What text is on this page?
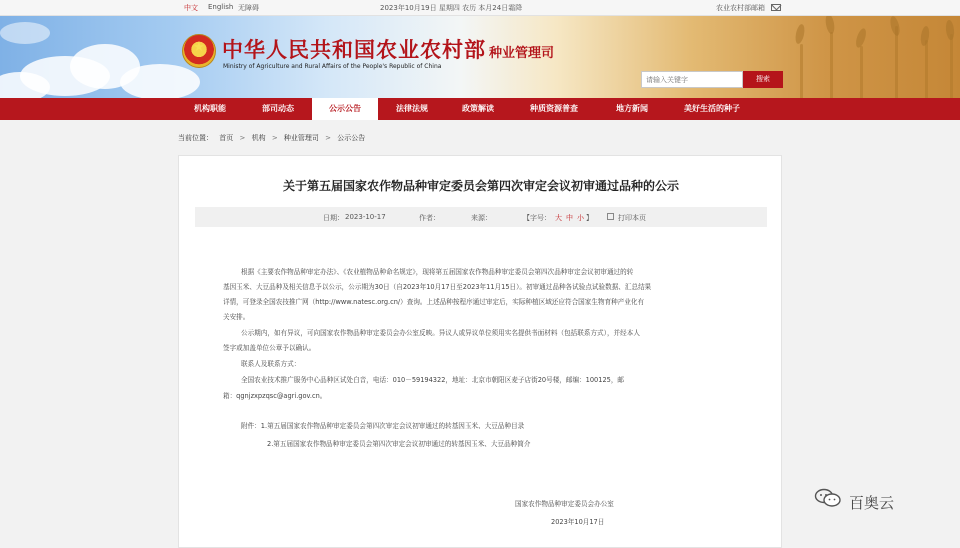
中文 English 无障碍	2023年10月19日 星期四 农历 本月24日霜降	农业农村部邮箱
★
中华人民共和国农业农村部
Ministry of Agriculture and Rural Affairs of the People's Republic of China
种业管理司
请输入关键字
搜索
机构职能	部司动态	公示公告	法律法规	政策解读	种质资源普查	地方新闻	美好生活的种子
当前位置： 首页 > 机构 > 种业管理司 > 公示公告
关于第五届国家农作物品种审定委员会第四次审定会议初审通过品种的公示
日期： 2023-10-17	作者：	来源：	【字号： 大 中 小 】	打印本页
根据《主要农作物品种审定办法》、《农业植物品种命名规定》，现将第五届国家农作物品种审定委员会第四次品种审定会议初审通过的转
基因玉米、大豆品种及相关信息予以公示，公示期为30日（自2023年10月17日至2023年11月15日）。初审通过品种各试验点试验数据、汇总结果
详情，可登录全国农技推广网（http://www.natesc.org.cn/）查询。上述品种按程序通过审定后，实际种植区域还应符合国家生物育种产业化有
关安排。
公示期内，如有异议，可向国家农作物品种审定委员会办公室反映。异议人或异议单位须用实名提供书面材料（包括联系方式），并经本人
签字或加盖单位公章予以确认。
联系人及联系方式：
全国农业技术推广服务中心品种区试处白音，电话：010－59194322，地址：北京市朝阳区麦子店街20号楼，邮编：100125，邮
箱：qgnjzxpzqsc@agri.gov.cn。
附件：1.第五届国家农作物品种审定委员会第四次审定会议初审通过的转基因玉米、大豆品种目录
2.第五届国家农作物品种审定委员会第四次审定会议初审通过的转基因玉米、大豆品种简介
国家农作物品种审定委员会办公室
2023年10月17日
百奥云
